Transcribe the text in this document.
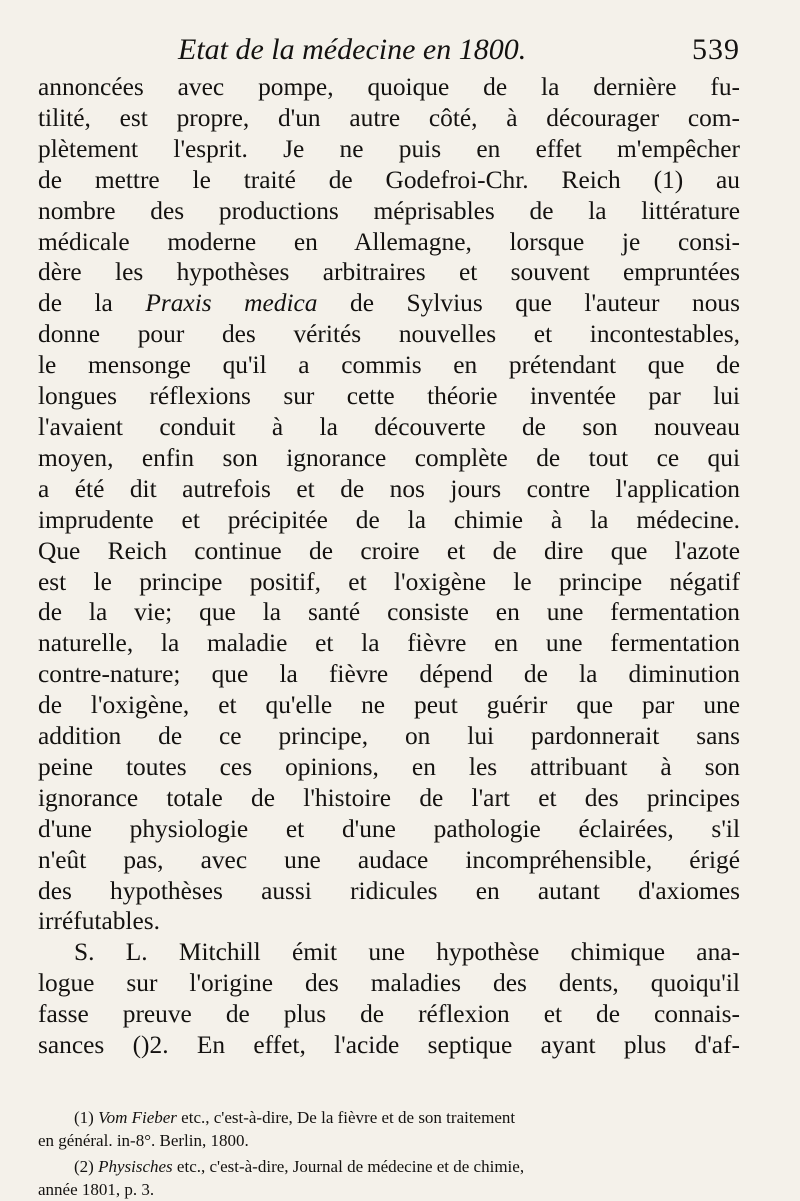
Etat de la médecine en 1800.	539
annoncées avec pompe, quoique de la dernière fu-
tilité, est propre, d'un autre côté, à décourager com-
plètement l'esprit. Je ne puis en effet m'empêcher
de mettre le traité de Godefroi-Chr. Reich (1) au
nombre des productions méprisables de la littérature
médicale moderne en Allemagne, lorsque je consi-
dère les hypothèses arbitraires et souvent empruntées
de la Praxis medica de Sylvius que l'auteur nous
donne pour des vérités nouvelles et incontestables,
le mensonge qu'il a commis en prétendant que de
longues réflexions sur cette théorie inventée par lui
l'avaient conduit à la découverte de son nouveau
moyen, enfin son ignorance complète de tout ce qui
a été dit autrefois et de nos jours contre l'application
imprudente et précipitée de la chimie à la médecine.
Que Reich continue de croire et de dire que l'azote
est le principe positif, et l'oxigène le principe négatif
de la vie; que la santé consiste en une fermentation
naturelle, la maladie et la fièvre en une fermentation
contre-nature; que la fièvre dépend de la diminution
de l'oxigène, et qu'elle ne peut guérir que par une
addition de ce principe, on lui pardonnerait sans
peine toutes ces opinions, en les attribuant à son
ignorance totale de l'histoire de l'art et des principes
d'une physiologie et d'une pathologie éclairées, s'il
n'eût pas, avec une audace incompréhensible, érigé
des hypothèses aussi ridicules en autant d'axiomes
irréfutables.
S. L. Mitchill émit une hypothèse chimique ana-
logue sur l'origine des maladies des dents, quoiqu'il
fasse preuve de plus de réflexion et de connais-
sances ()2. En effet, l'acide septique ayant plus d'af-
(1) Vom Fieber etc., c'est-à-dire, De la fièvre et de son traitement
en général. in-8°. Berlin, 1800.
(2) Physisches etc., c'est-à-dire, Journal de médecine et de chimie,
année 1801, p. 3.
